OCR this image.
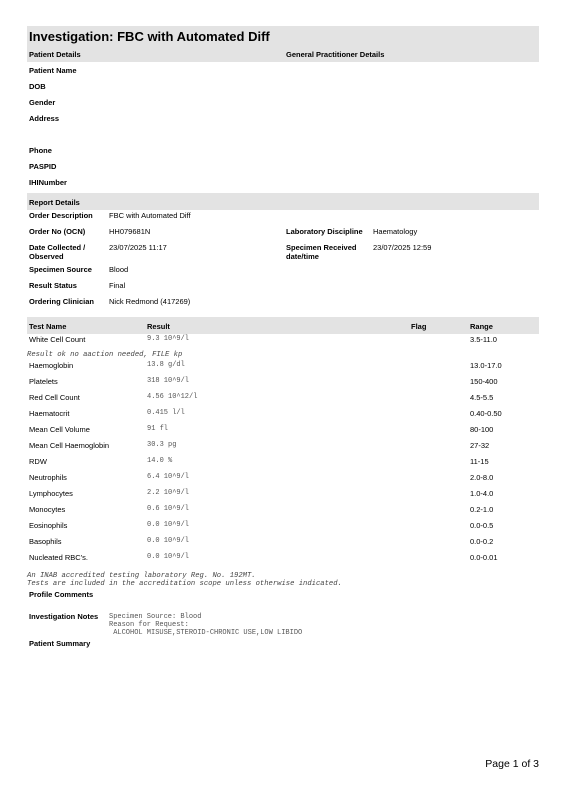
Investigation: FBC with Automated Diff
Patient Details	General Practitioner Details
Patient Name
DOB
Gender
Address
Phone
PASPID
IHINumber
Report Details
Order Description FBC with Automated Diff
Order No (OCN)	HH079681N	Laboratory Discipline Haematology
Date Collected /
Observed
23/07/2025 11:17	Specimen Received
date/time
23/07/2025 12:59
Specimen Source Blood
Result Status	Final
Ordering Clinician Nick Redmond (417269)
Test Name	Result	Flag	Range
White Cell Count	9.3 10^9/l	3.5-11.0
Haemoglobin	13.8 g/dl	13.0-17.0
Platelets	318 10^9/l	150-400
Red Cell Count	4.56 10^12/l	4.5-5.5
Haematocrit	0.415 l/l	0.40-0.50
Mean Cell Volume	91 fl	80-100
Mean Cell Haemoglobin	30.3 pg	27-32
RDW	14.0 %	11-15
Neutrophils	6.4 10^9/l	2.0-8.0
Lymphocytes	2.2 10^9/l	1.0-4.0
Monocytes	0.6 10^9/l	0.2-1.0
Eosinophils	0.0 10^9/l	0.0-0.5
Basophils	0.0 10^9/l	0.0-0.2
Nucleated RBC's.	0.0 10^9/l	0.0-0.01
Result ok no aaction needed, FILE kp
An INAB accredited testing laboratory Reg. No. 192MT.
Tests are included in the accreditation scope unless otherwise indicated.
Profile Comments
Investigation Notes Specimen Source: Blood
Reason for Request:
ALCOHOL MISUSE,STEROID-CHRONIC USE,LOW LIBIDO
Patient Summary
Page 1 of 3
